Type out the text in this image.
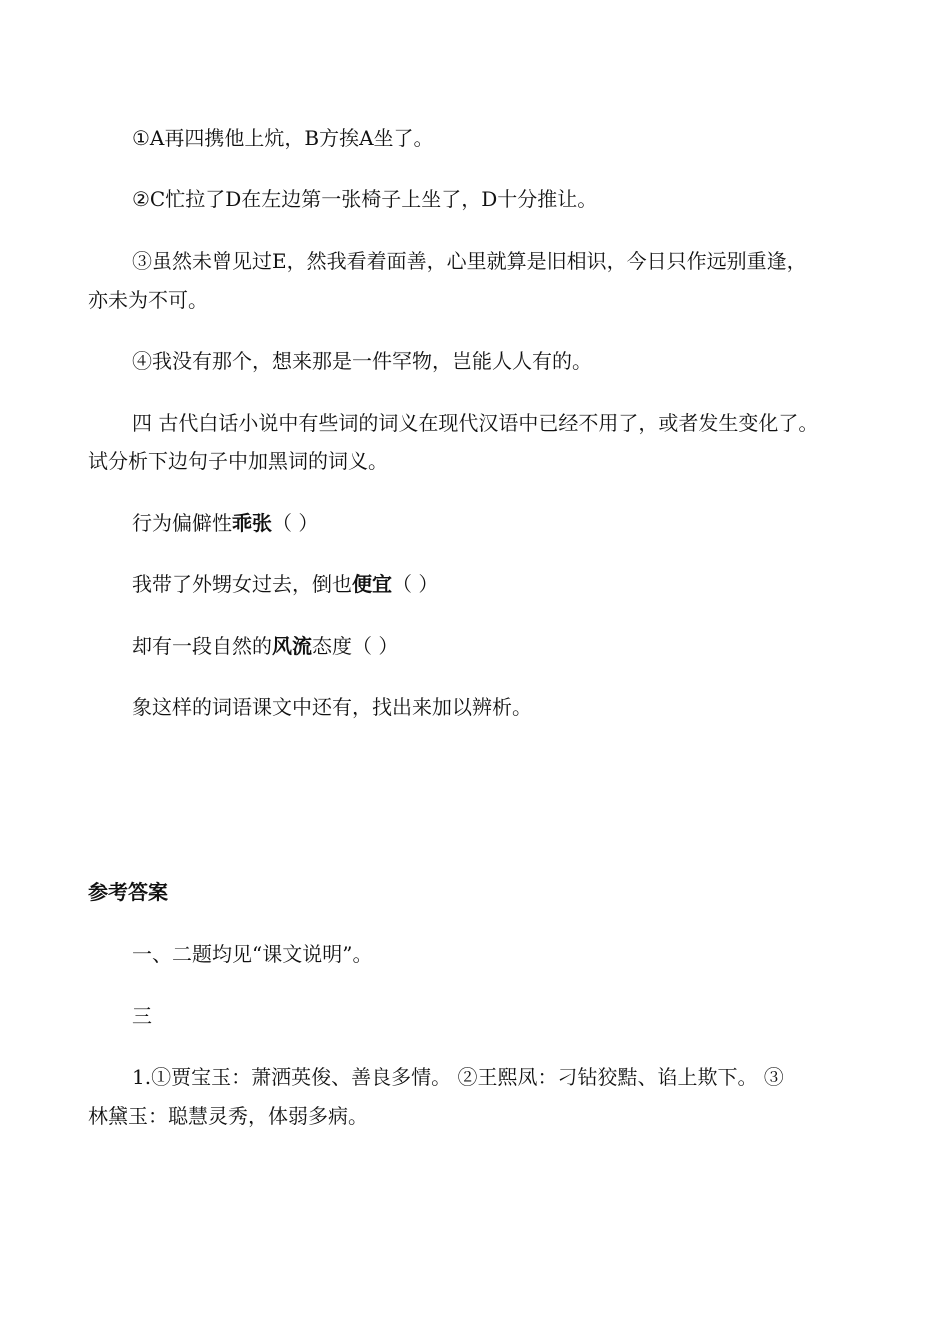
①A再四携他上炕，B方挨A坐了。
②C忙拉了D在左边第一张椅子上坐了，D十分推让。
③虽然未曾见过E，然我看着面善，心里就算是旧相识，今日只作远别重逢，
亦未为不可。
④我没有那个，想来那是一件罕物，岂能人人有的。
四 古代白话小说中有些词的词义在现代汉语中已经不用了，或者发生变化了。
试分析下边句子中加黑词的词义。
行为偏僻性乖张（ ）
我带了外甥女过去，倒也便宜（ ）
却有一段自然的风流态度（ ）
象这样的词语课文中还有，找出来加以辨析。
参考答案
一、二题均见“课文说明”。
三
1.①贾宝玉：萧洒英俊、善良多情。 ②王熙凤：刁钻狡黠、谄上欺下。 ③
林黛玉：聪慧灵秀，体弱多病。
